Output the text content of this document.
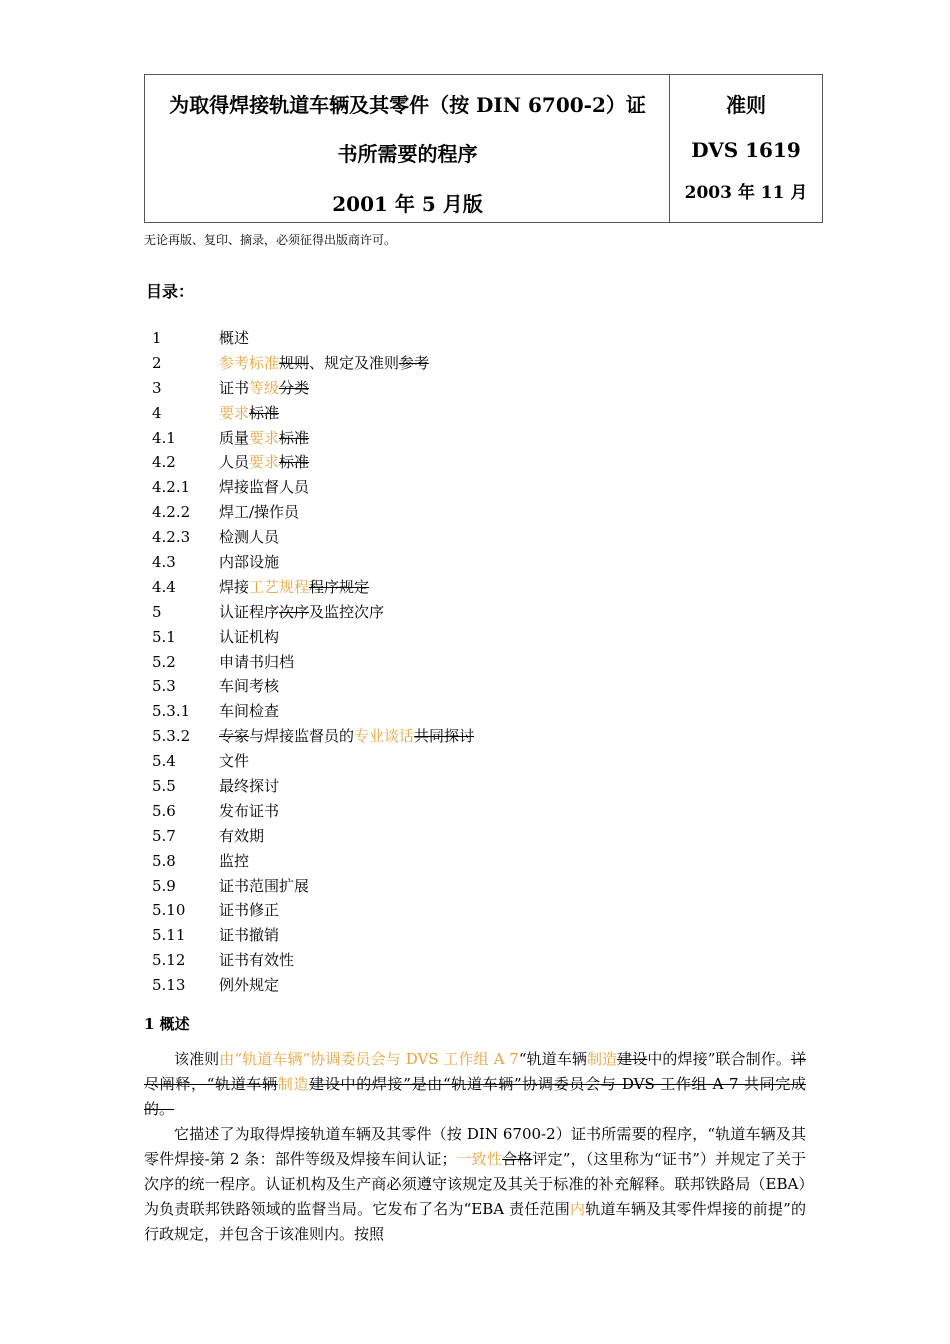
为取得焊接轨道车辆及其零件（按 DIN 6700-2）证
书所需要的程序
2001 年 5 月版
准则
DVS 1619
2003 年 11 月
无论再版、复印、摘录，必须征得出版商许可。
目录：
1	概述
2	参考标准规则、规定及准则参考
3	证书等级分类
4	要求标准
4.1	质量要求标准
4.2	人员要求标准
4.2.1 焊接监督人员
4.2.2 焊工/操作员
4.2.3 检测人员
4.3	内部设施
4.4	焊接工艺规程程序规定
5	认证程序次序及监控次序
5.1	认证机构
5.2	申请书归档
5.3	车间考核
5.3.1 车间检查
5.3.2 专家与焊接监督员的专业谈话共同探讨
5.4	文件
5.5	最终探讨
5.6	发布证书
5.7	有效期
5.8	监控
5.9	证书范围扩展
5.10 证书修正
5.11 证书撤销
5.12 证书有效性
5.13 例外规定
1 概述

该准则由“轨道车辆”协调委员会与 DVS 工作组 A 7“轨道车辆制造建设中的焊接”联合制作。详尽阐释，“轨道车辆制造建设中的焊接”是由“轨道车辆”协调委员会与 DVS 工作组 A 7 共同完成的。

它描述了为取得焊接轨道车辆及其零件（按 DIN 6700-2）证书所需要的程序，“轨道车辆及其零件焊接-第 2 条：部件等级及焊接车间认证；一致性合格评定”，（这里称为“证书”）并规定了关于次序的统一程序。认证机构及生产商必须遵守该规定及其关于标准的补充解释。联邦铁路局（EBA）为负责联邦铁路领域的监督当局。它发布了名为“EBA 责任范围内轨道车辆及其零件焊接的前提”的行政规定，并包含于该准则内。按照
